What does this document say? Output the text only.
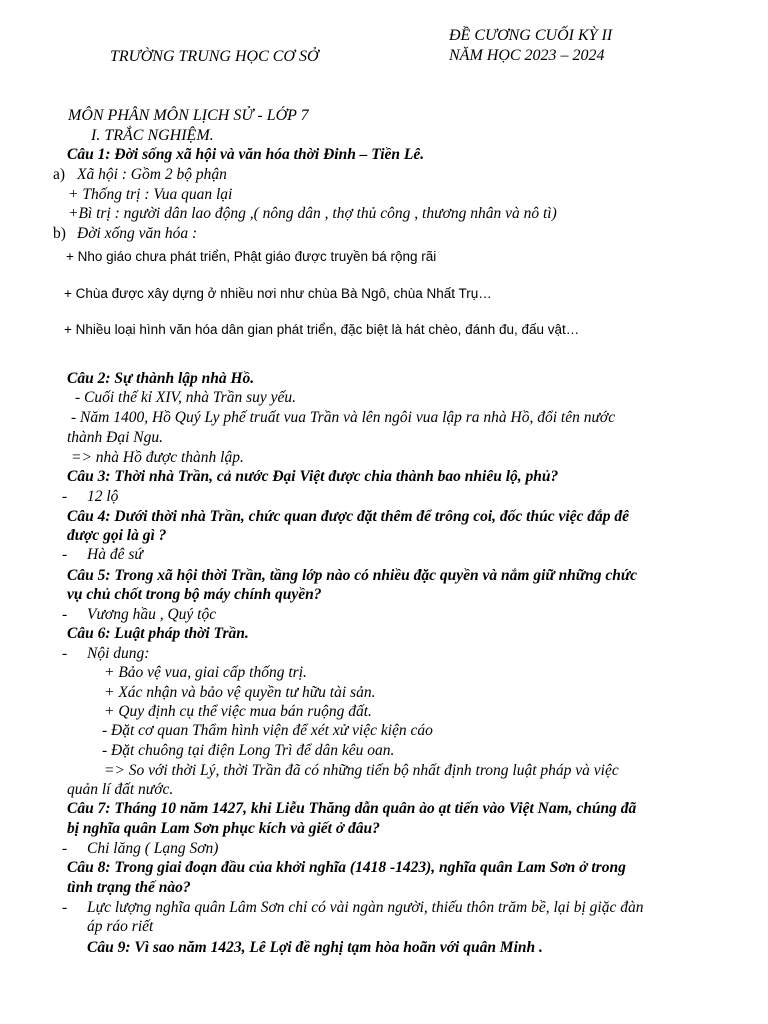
TRƯỜNG TRUNG HỌC CƠ SỞ
ĐỀ CƯƠNG CUỐI KỲ II
NĂM HỌC 2023 – 2024
MÔN PHÂN MÔN LỊCH SỬ - LỚP 7
I. TRẮC NGHIỆM.
Câu 1: Đời sống xã hội và văn hóa thời Đinh – Tiền Lê.
a) Xã hội : Gồm 2 bộ phận
+ Thống trị : Vua quan lại
+Bì trị : người dân lao động ,( nông dân , thợ thủ công , thương nhân và nô tì)
b) Đời xống văn hóa :
+ Nho giáo chưa phát triển, Phật giáo được truyền bá rộng rãi
+ Chùa được xây dựng ở nhiều nơi như chùa Bà Ngô, chùa Nhất Trụ…
+ Nhiều loại hình văn hóa dân gian phát triển, đặc biệt là hát chèo, đánh đu, đấu vật…
Câu 2: Sự thành lập nhà Hồ.
- Cuối thế kỉ XIV, nhà Trần suy yếu.
- Năm 1400, Hồ Quý Ly phế truất vua Trần và lên ngôi vua lập ra nhà Hồ, đổi tên nước
thành Đại Ngu.
=> nhà Hồ được thành lập.
Câu 3: Thời nhà Trần, cả nước Đại Việt được chia thành bao nhiêu lộ, phủ?
- 12 lộ
Câu 4: Dưới thời nhà Trần, chức quan được đặt thêm để trông coi, đốc thúc việc đắp đê
được gọi là gì ?
- Hà đê sứ
Câu 5: Trong xã hội thời Trần, tầng lớp nào có nhiều đặc quyền và nắm giữ những chức
vụ chủ chốt trong bộ máy chính quyền?
- Vương hầu , Quý tộc
Câu 6: Luật pháp thời Trần.
- Nội dung:
+ Bảo vệ vua, giai cấp thống trị.
+ Xác nhận và bảo vệ quyền tư hữu tài sản.
+ Quy định cụ thể việc mua bán ruộng đất.
- Đặt cơ quan Thẩm hình viện để xét xử việc kiện cáo
- Đặt chuông tại điện Long Trì để dân kêu oan.
=> So với thời Lý, thời Trần đã có những tiến bộ nhất định trong luật pháp và việc
quản lí đất nước.
Câu 7: Tháng 10 năm 1427, khi Liễu Thăng dẫn quân ào ạt tiến vào Việt Nam, chúng đã
bị nghĩa quân Lam Sơn phục kích và giết ở đâu?
- Chi lăng ( Lạng Sơn)
Câu 8: Trong giai đoạn đầu của khởi nghĩa (1418 -1423), nghĩa quân Lam Sơn ở trong
tình trạng thế nào?
- Lực lượng nghĩa quân Lâm Sơn chỉ có vài ngàn người, thiếu thôn trăm bề, lại bị giặc đàn
áp ráo riết
Câu 9: Vì sao năm 1423, Lê Lợi đề nghị tạm hòa hoãn với quân Minh .
